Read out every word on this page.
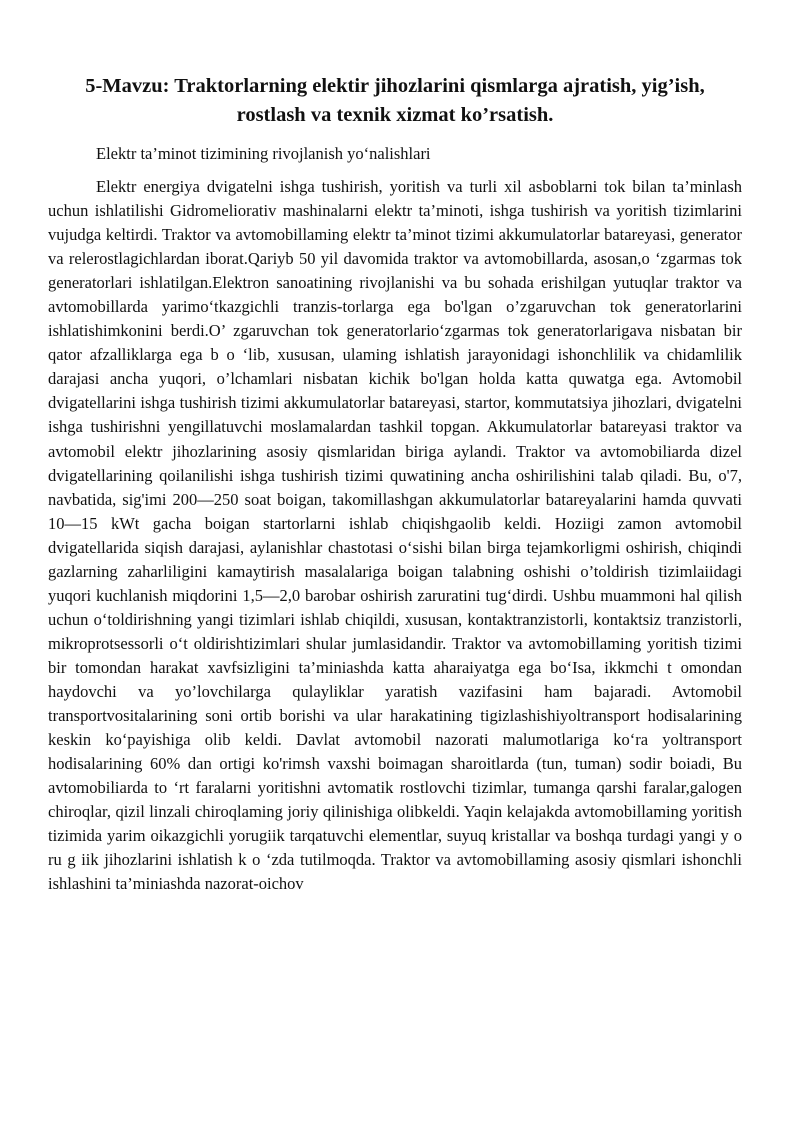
5-Mavzu: Traktorlarning elektir jihozlarini qismlarga ajratish, yig’ish,
rostlash va texnik xizmat ko’rsatish.

Elektr ta’minot tizimining rivojlanish yo‘nalishlari

Elektr energiya dvigatelni ishga tushirish, yoritish va turli xil asboblarni tok bilan ta’minlash uchun ishlatilishi Gidromeliorativ mashinalarni elektr ta’minoti, ishga tushirish va yoritish tizimlarini vujudga keltirdi. Traktor va avtomobillaming elektr ta’minot tizimi akkumulatorlar batareyasi, generator va relerostlagichlardan iborat.Qariyb 50 yil davomida traktor va avtomobillarda, asosan,o ‘zgarmas tok generatorlari ishlatilgan.Elektron sanoatining rivojlanishi va bu sohada erishilgan yutuqlar traktor va avtomobillarda yarimo‘tkazgichli tranzis-torlarga ega bo'lgan o’zgaruvchan tok generatorlarini ishlatishimkonini berdi.O’ zgaruvchan tok generatorlario‘zgarmas tok generatorlarigava nisbatan bir qator afzalliklarga ega b o ‘lib, xususan, ulaming ishlatish jarayonidagi ishonchlilik va chidamlilik darajasi ancha yuqori, o’lchamlari nisbatan kichik bo'lgan holda katta quwatga ega. Avtomobil dvigatellarini ishga tushirish tizimi akkumulatorlar batareyasi, startor, kommutatsiya jihozlari, dvigatelni ishga tushirishni yengillatuvchi moslamalardan tashkil topgan. Akkumulatorlar batareyasi traktor va avtomobil elektr jihozlarining asosiy qismlaridan biriga aylandi. Traktor va avtomobiliarda dizel dvigatellarining qoilanilishi ishga tushirish tizimi quwatining ancha oshirilishini talab qiladi. Bu, o'7, navbatida, sig'imi 200—250 soat boigan, takomillashgan akkumulatorlar batareyalarini hamda quvvati 10—15 kWt gacha boigan startorlarni ishlab chiqishgaolib keldi. Hoziigi zamon avtomobil dvigatellarida siqish darajasi, aylanishlar chastotasi o‘sishi bilan birga tejamkorligmi oshirish, chiqindi gazlarning zaharliligini kamaytirish masalalariga boigan talabning oshishi o’toldirish tizimlaiidagi yuqori kuchlanish miqdorini 1,5—2,0 barobar oshirish zaruratini tug‘dirdi. Ushbu muammoni hal qilish uchun o‘toldirishning yangi tizimlari ishlab chiqildi, xususan, kontaktranzistorli, kontaktsiz tranzistorli, mikroprotsessorli o‘t oldirishtizimlari shular jumlasidandir. Traktor va avtomobillaming yoritish tizimi bir tomondan harakat xavfsizligini ta’miniashda katta aharaiyatga ega bo‘Isa, ikkmchi t omondan haydovchi va yo’lovchilarga qulayliklar yaratish vazifasini ham bajaradi. Avtomobil transportvositalarining soni ortib borishi va ular harakatining tigizlashishiyoltransport hodisalarining keskin ko‘payishiga olib keldi. Davlat avtomobil nazorati malumotlariga ko‘ra yoltransport hodisalarining 60% dan ortigi ko'rimsh vaxshi boimagan sharoitlarda (tun, tuman) sodir boiadi, Bu avtomobiliarda to ‘rt faralarni yoritishni avtomatik rostlovchi tizimlar, tumanga qarshi faralar,galogen chiroqlar, qizil linzali chiroqlaming joriy qilinishiga olibkeldi. Yaqin kelajakda avtomobillaming yoritish tizimida yarim oikazgichli yorugiik tarqatuvchi elementlar, suyuq kristallar va boshqa turdagi yangi y o ru g iik jihozlarini ishlatish k o ‘zda tutilmoqda. Traktor va avtomobillaming asosiy qismlari ishonchli ishlashini ta’miniashda nazorat-oichov
